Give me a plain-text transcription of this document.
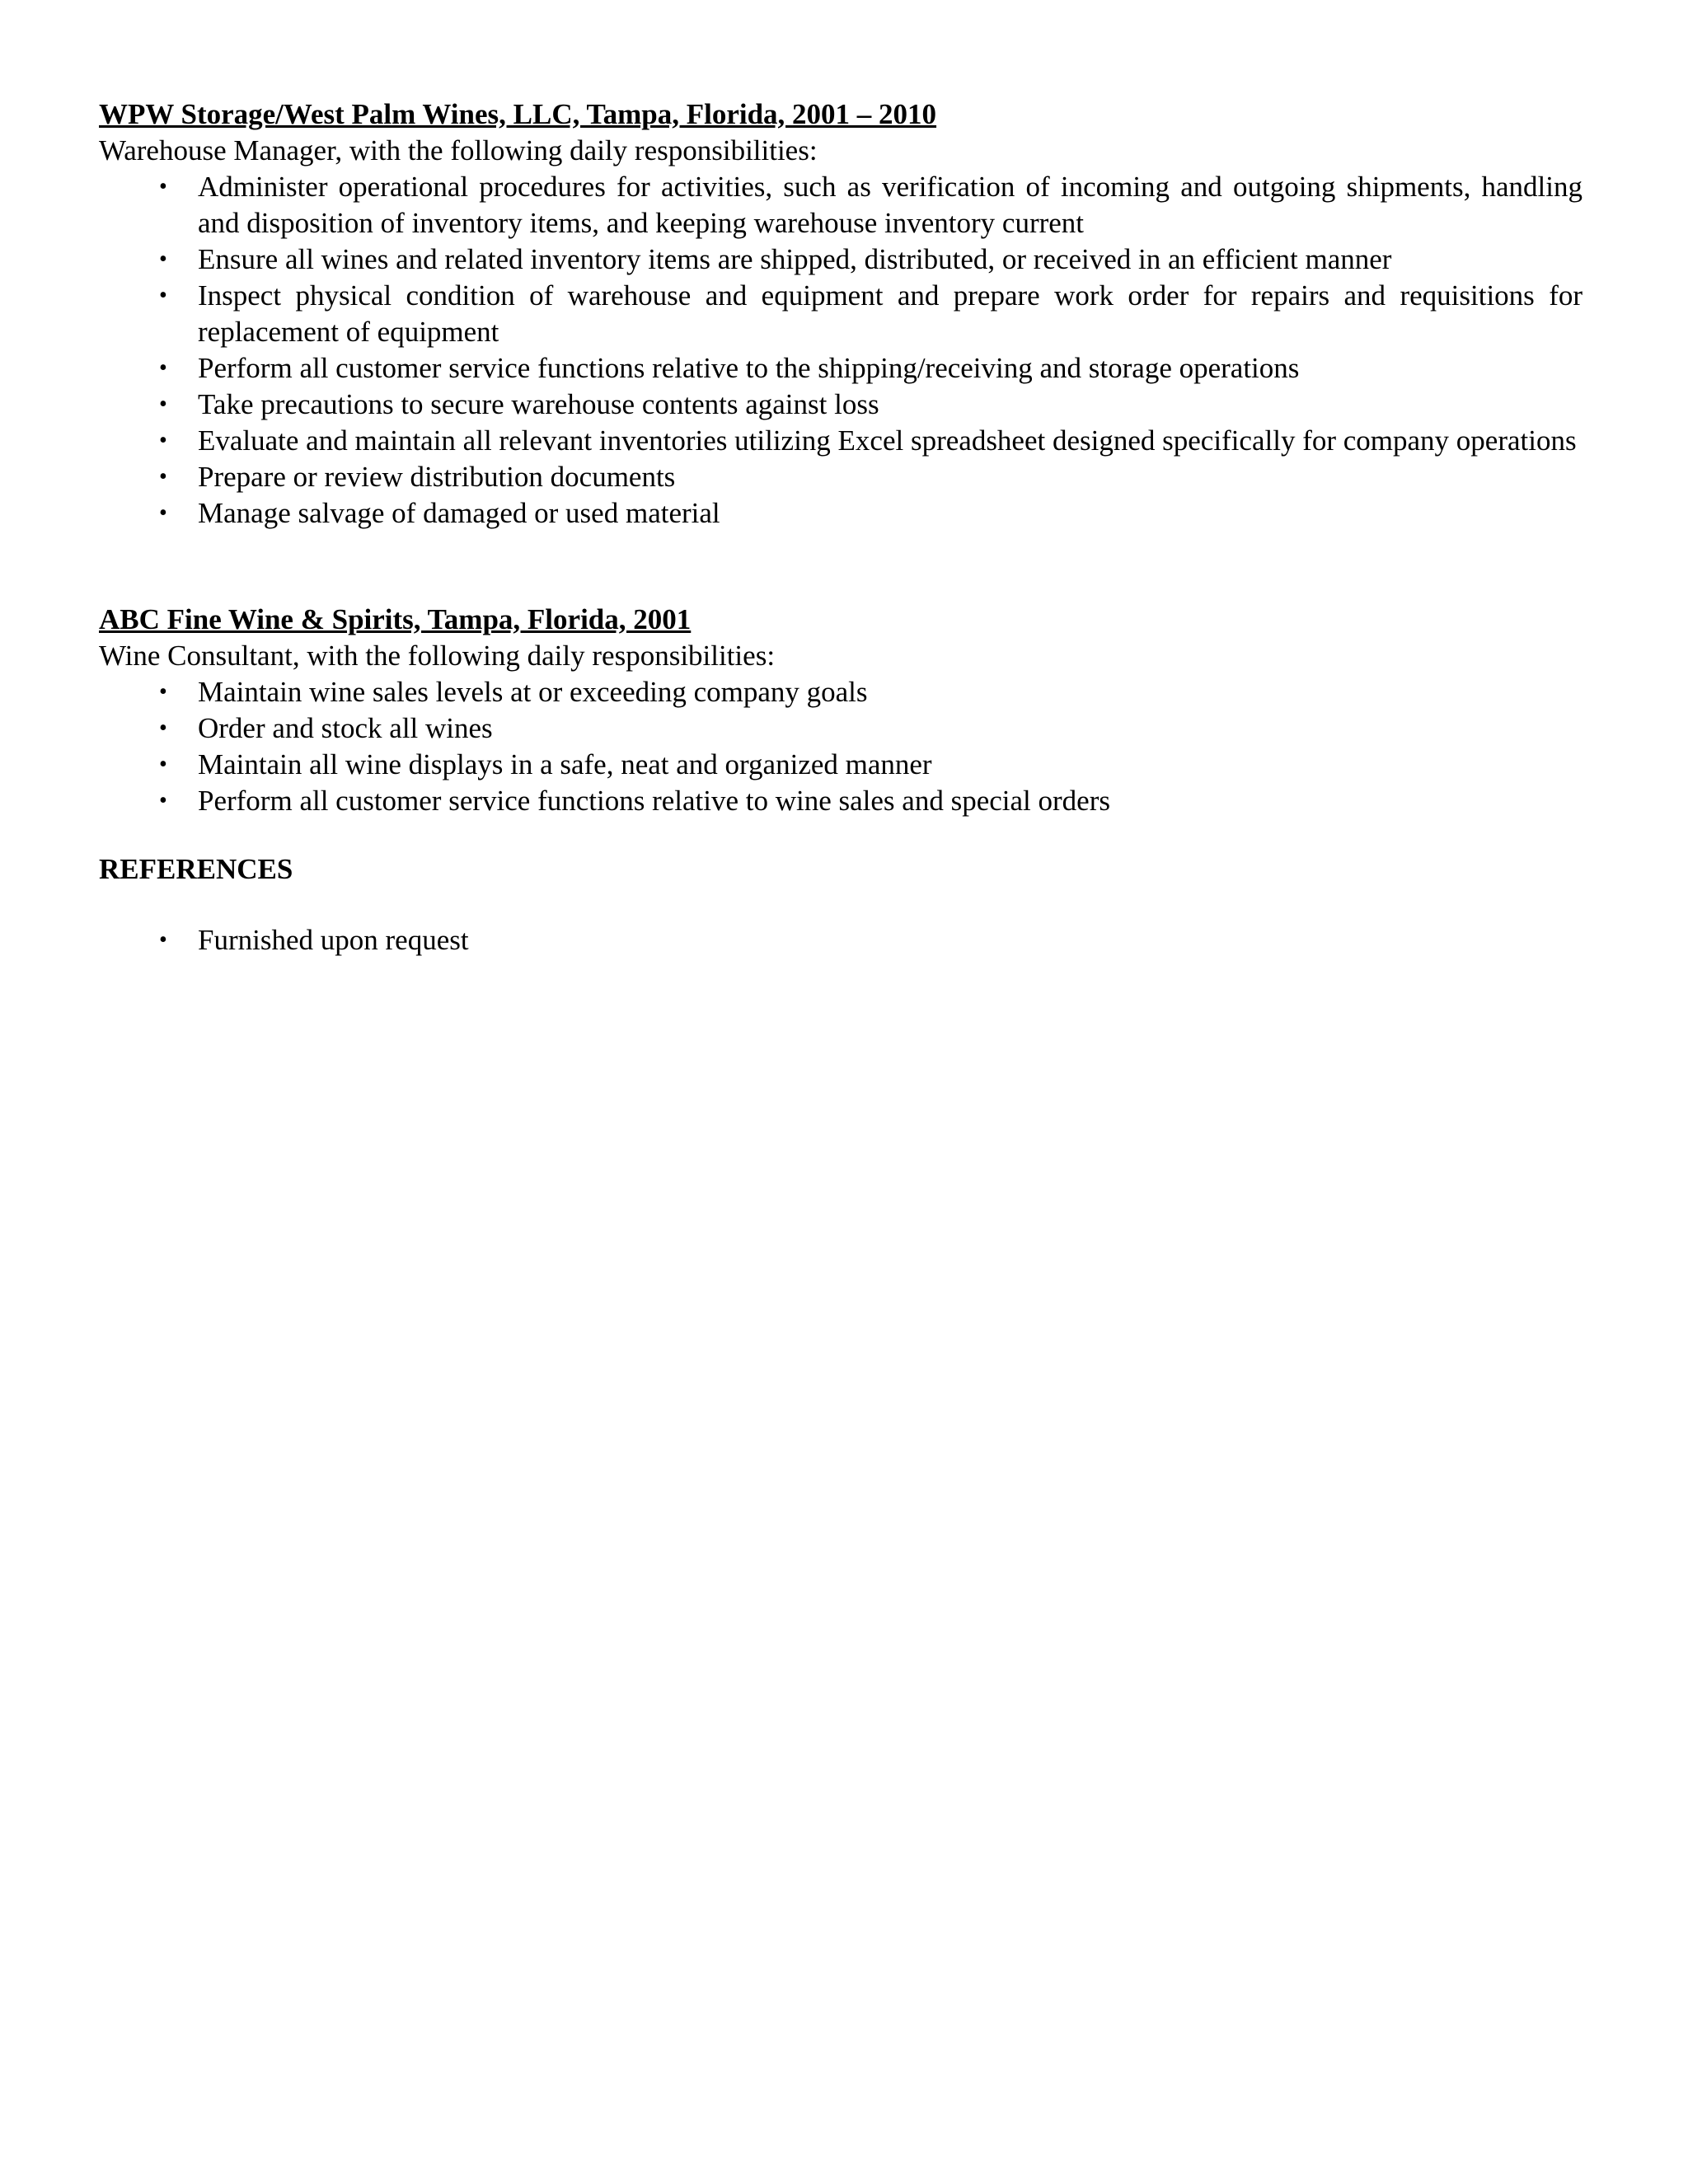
WPW Storage/West Palm Wines, LLC, Tampa, Florida, 2001 – 2010

Warehouse Manager, with the following daily responsibilities:

• Administer operational procedures for activities, such as verification of incoming and outgoing shipments, handling and disposition of inventory items, and keeping warehouse inventory current
• Ensure all wines and related inventory items are shipped, distributed, or received in an efficient manner
• Inspect physical condition of warehouse and equipment and prepare work order for repairs and requisitions for replacement of equipment
• Perform all customer service functions relative to the shipping/receiving and storage operations
• Take precautions to secure warehouse contents against loss
• Evaluate and maintain all relevant inventories utilizing Excel spreadsheet designed specifically for company operations
• Prepare or review distribution documents
• Manage salvage of damaged or used material

ABC Fine Wine & Spirits, Tampa, Florida, 2001

Wine Consultant, with the following daily responsibilities:

• Maintain wine sales levels at or exceeding company goals
• Order and stock all wines
• Maintain all wine displays in a safe, neat and organized manner
• Perform all customer service functions relative to wine sales and special orders

REFERENCES

• Furnished upon request
